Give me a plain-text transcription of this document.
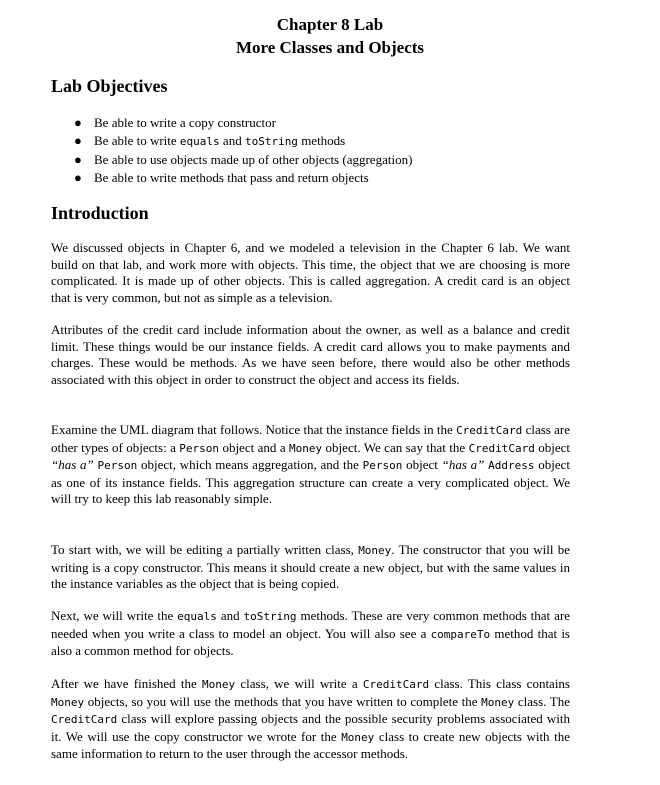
Chapter 8 Lab
More Classes and Objects
Lab Objectives
● Be able to write a copy constructor
● Be able to write equals and toString methods
● Be able to use objects made up of other objects (aggregation)
● Be able to write methods that pass and return objects
Introduction

We discussed objects in Chapter 6, and we modeled a television in the Chapter 6 lab. We want build on that lab, and work more with objects. This time, the object that we are choosing is more complicated. It is made up of other objects. This is called aggregation. A credit card is an object that is very common, but not as simple as a television.

Attributes of the credit card include information about the owner, as well as a balance and credit limit. These things would be our instance fields. A credit card allows you to make payments and charges. These would be methods. As we have seen before, there would also be other methods associated with this object in order to construct the object and access its fields.

Examine the UML diagram that follows. Notice that the instance fields in the CreditCard class are other types of objects: a Person object and a Money object. We can say that the CreditCard object “has a” Person object, which means aggregation, and the Person object “has a” Address object as one of its instance fields. This aggregation structure can create a very complicated object. We will try to keep this lab reasonably simple.

To start with, we will be editing a partially written class, Money. The constructor that you will be writing is a copy constructor. This means it should create a new object, but with the same values in the instance variables as the object that is being copied.

Next, we will write the equals and toString methods. These are very common methods that are needed when you write a class to model an object. You will also see a compareTo method that is also a common method for objects.

After we have finished the Money class, we will write a CreditCard class. This class contains Money objects, so you will use the methods that you have written to complete the Money class. The CreditCard class will explore passing objects and the possible security problems associated with it. We will use the copy constructor we wrote for the Money class to create new objects with the same information to return to the user through the accessor methods.
